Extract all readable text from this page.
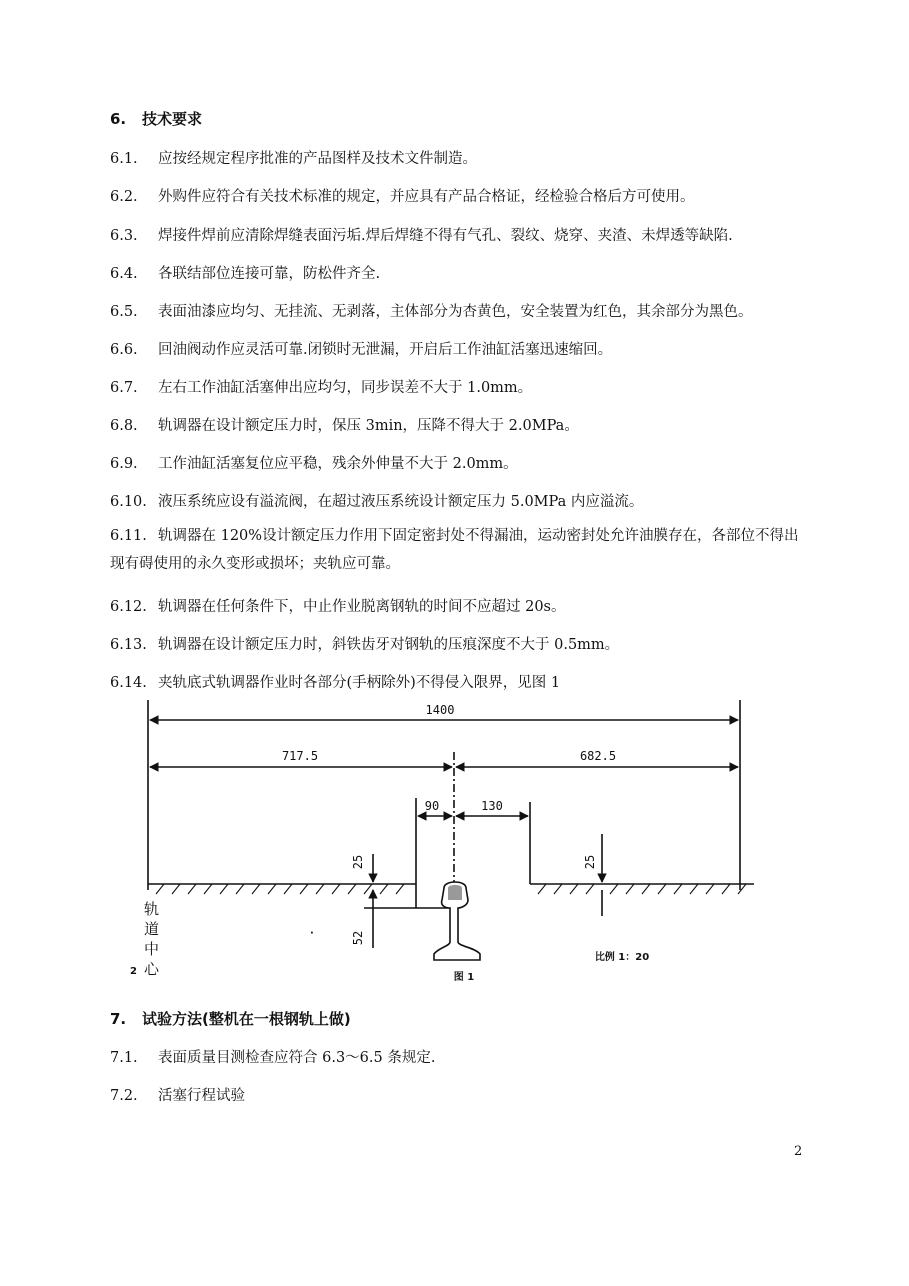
6. 技术要求
6.1. 应按经规定程序批准的产品图样及技术文件制造。
6.2. 外购件应符合有关技术标准的规定，并应具有产品合格证，经检验合格后方可使用。
6.3. 焊接件焊前应清除焊缝表面污垢.焊后焊缝不得有气孔、裂纹、烧穿、夹渣、未焊透等缺陷.
6.4. 各联结部位连接可靠，防松件齐全.
6.5. 表面油漆应均匀、无挂流、无剥落，主体部分为杏黄色，安全装置为红色，其余部分为黑色。
6.6. 回油阀动作应灵活可靠.闭锁时无泄漏，开启后工作油缸活塞迅速缩回。
6.7. 左右工作油缸活塞伸出应均匀，同步误差不大于 1.0mm。
6.8. 轨调器在设计额定压力时，保压 3min，压降不得大于 2.0MPa。
6.9. 工作油缸活塞复位应平稳，残余外伸量不大于 2.0mm。
6.10. 液压系统应设有溢流阀，在超过液压系统设计额定压力 5.0MPa 内应溢流。
6.11. 轨调器在 120%设计额定压力作用下固定密封处不得漏油，运动密封处允许油膜存在，各部位不得出现有碍使用的永久变形或损坏；夹轨应可靠。
6.12. 轨调器在任何条件下，中止作业脱离钢轨的时间不应超过 20s。
6.13. 轨调器在设计额定压力时，斜铁齿牙对钢轨的压痕深度不大于 0.5mm。
6.14. 夹轨底式轨调器作业时各部分(手柄除外)不得侵入限界，见图 1
1400
717.5	682.5
90	130
25	25
52
轨
道
中
心
2
·
图 1
比例 1：20
7. 试验方法(整机在一根钢轨上做)
7.1. 表面质量目测检查应符合 6.3～6.5 条规定.
7.2. 活塞行程试验
2
